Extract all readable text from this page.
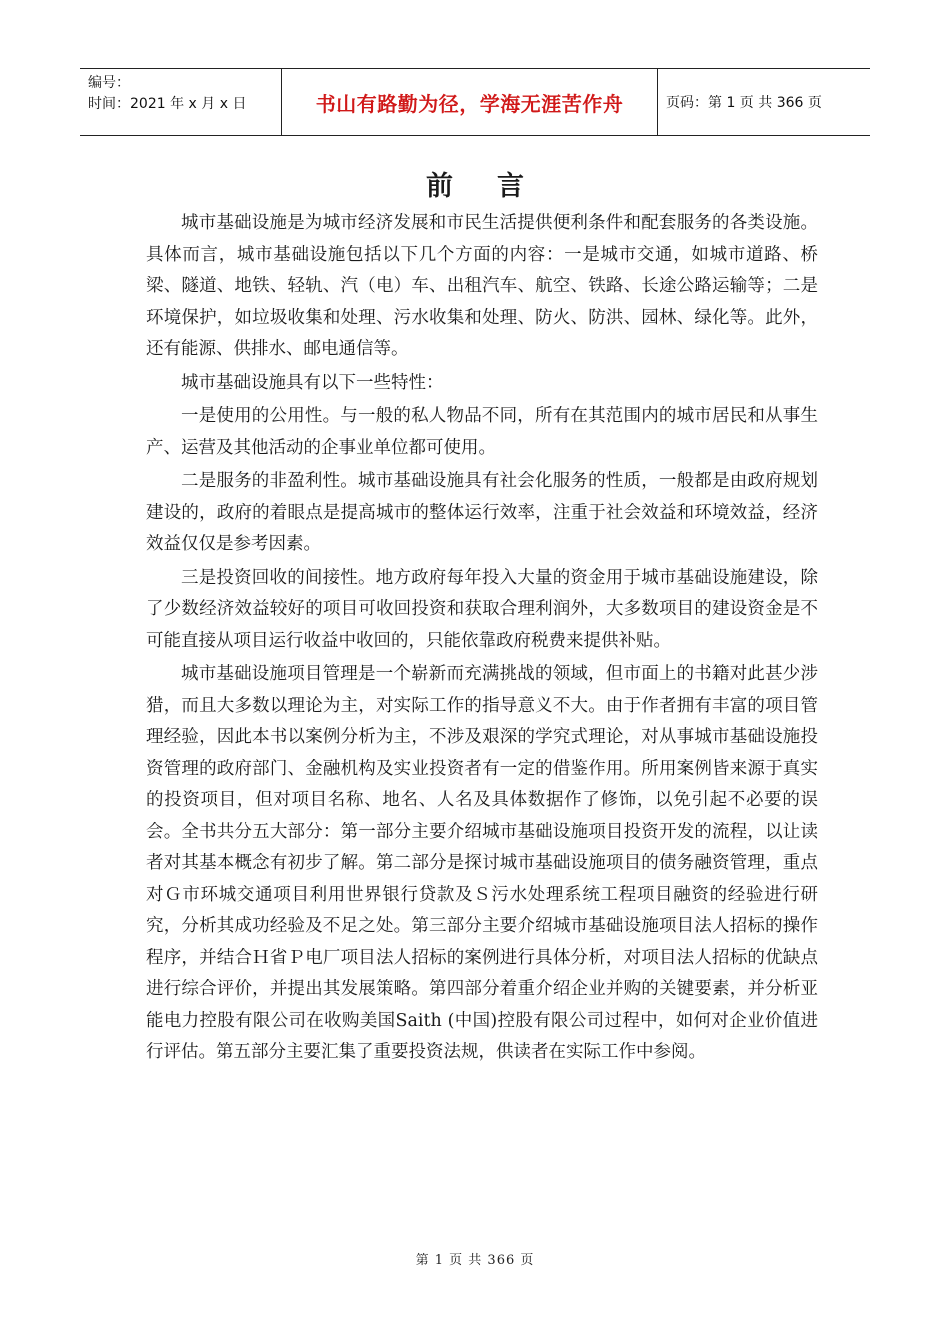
编号：
时间：2021 年 x 月 x 日	书山有路勤为径，学海无涯苦作舟	页码：第 1 页 共 366 页
前言

城市基础设施是为城市经济发展和市民生活提供便利条件和配套服务的各类设施。具体而言，城市基础设施包括以下几个方面的内容：一是城市交通，如城市道路、桥梁、隧道、地铁、轻轨、汽（电）车、出租汽车、航空、铁路、长途公路运输等；二是环境保护，如垃圾收集和处理、污水收集和处理、防火、防洪、园林、绿化等。此外，还有能源、供排水、邮电通信等。

城市基础设施具有以下一些特性：

一是使用的公用性。与一般的私人物品不同，所有在其范围内的城市居民和从事生产、运营及其他活动的企事业单位都可使用。

二是服务的非盈利性。城市基础设施具有社会化服务的性质，一般都是由政府规划建设的，政府的着眼点是提高城市的整体运行效率，注重于社会效益和环境效益，经济效益仅仅是参考因素。

三是投资回收的间接性。地方政府每年投入大量的资金用于城市基础设施建设，除了少数经济效益较好的项目可收回投资和获取合理利润外，大多数项目的建设资金是不可能直接从项目运行收益中收回的，只能依靠政府税费来提供补贴。

城市基础设施项目管理是一个崭新而充满挑战的领域，但市面上的书籍对此甚少涉猎，而且大多数以理论为主，对实际工作的指导意义不大。由于作者拥有丰富的项目管理经验，因此本书以案例分析为主，不涉及艰深的学究式理论，对从事城市基础设施投资管理的政府部门、金融机构及实业投资者有一定的借鉴作用。所用案例皆来源于真实的投资项目，但对项目名称、地名、人名及具体数据作了修饰，以免引起不必要的误会。全书共分五大部分：第一部分主要介绍城市基础设施项目投资开发的流程，以让读者对其基本概念有初步了解。第二部分是探讨城市基础设施项目的债务融资管理，重点对Ｇ市环城交通项目利用世界银行贷款及Ｓ污水处理系统工程项目融资的经验进行研究，分析其成功经验及不足之处。第三部分主要介绍城市基础设施项目法人招标的操作程序，并结合Ｈ省Ｐ电厂项目法人招标的案例进行具体分析，对项目法人招标的优缺点进行综合评价，并提出其发展策略。第四部分着重介绍企业并购的关键要素，并分析亚能电力控股有限公司在收购美国Saith (中国)控股有限公司过程中，如何对企业价值进行评估。第五部分主要汇集了重要投资法规，供读者在实际工作中参阅。

第 1 页 共 366 页
